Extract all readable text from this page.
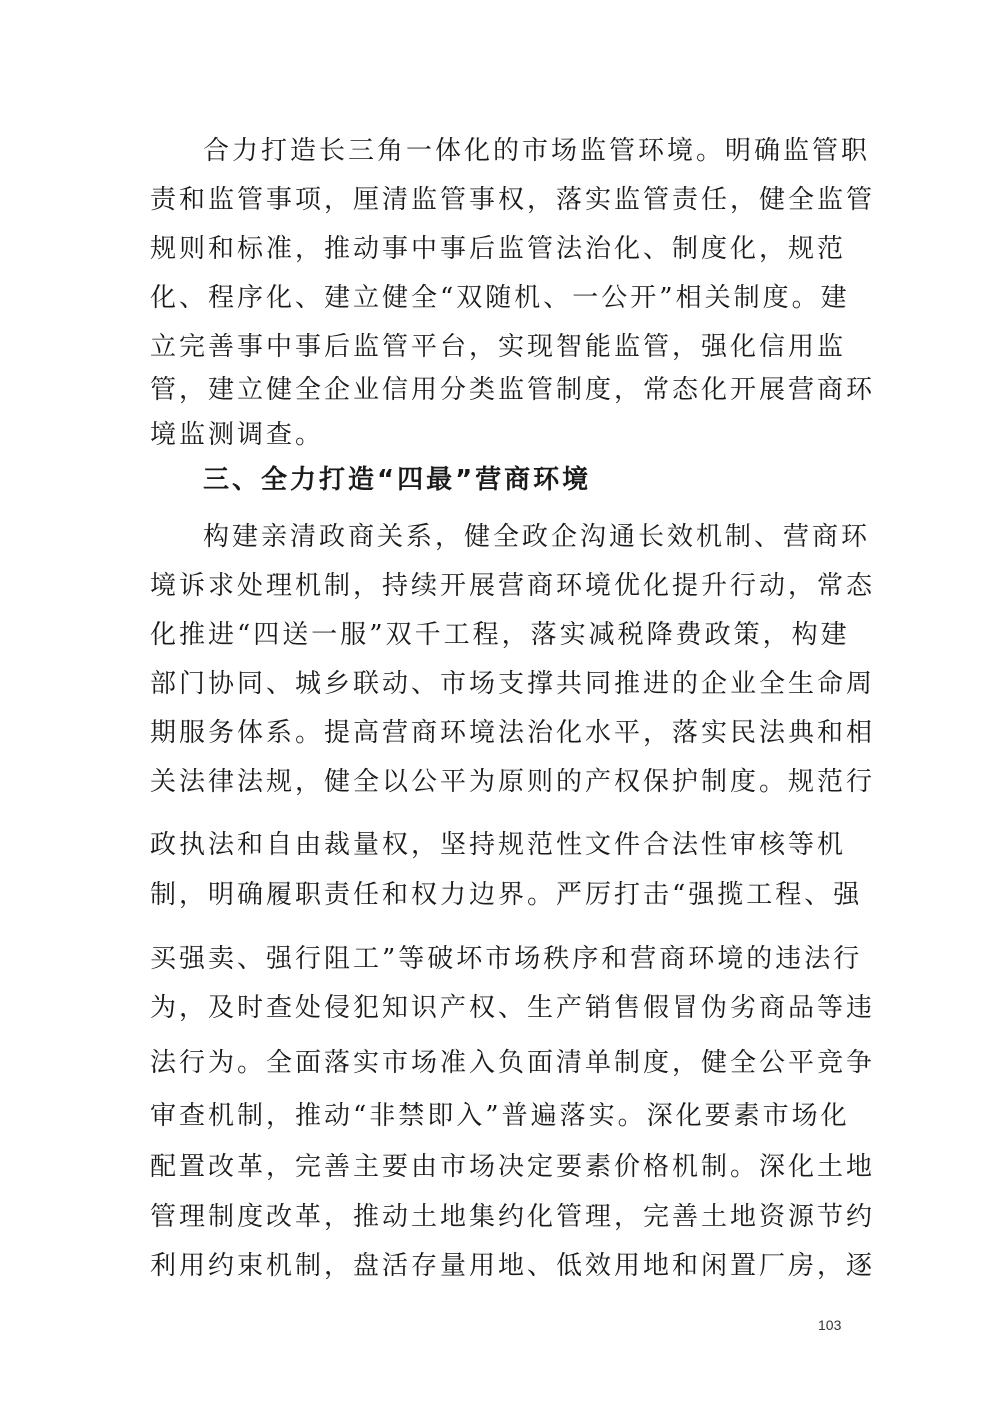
合力打造长三角一体化的市场监管环境。明确监管职
责和监管事项，厘清监管事权，落实监管责任，健全监管
规则和标准，推动事中事后监管法治化、制度化，规范
化、程序化、建立健全“双随机、一公开”相关制度。建
立完善事中事后监管平台，实现智能监管，强化信用监
管，建立健全企业信用分类监管制度，常态化开展营商环
境监测调查。
三、全力打造“四最”营商环境
构建亲清政商关系，健全政企沟通长效机制、营商环
境诉求处理机制，持续开展营商环境优化提升行动，常态
化推进“四送一服”双千工程，落实减税降费政策，构建
部门协同、城乡联动、市场支撑共同推进的企业全生命周
期服务体系。提高营商环境法治化水平，落实民法典和相
关法律法规，健全以公平为原则的产权保护制度。规范行
政执法和自由裁量权，坚持规范性文件合法性审核等机
制，明确履职责任和权力边界。严厉打击“强揽工程、强
买强卖、强行阻工”等破坏市场秩序和营商环境的违法行
为，及时查处侵犯知识产权、生产销售假冒伪劣商品等违
法行为。全面落实市场准入负面清单制度，健全公平竞争
审查机制，推动“非禁即入”普遍落实。深化要素市场化
配置改革，完善主要由市场决定要素价格机制。深化土地
管理制度改革，推动土地集约化管理，完善土地资源节约
利用约束机制，盘活存量用地、低效用地和闲置厂房，逐
103
